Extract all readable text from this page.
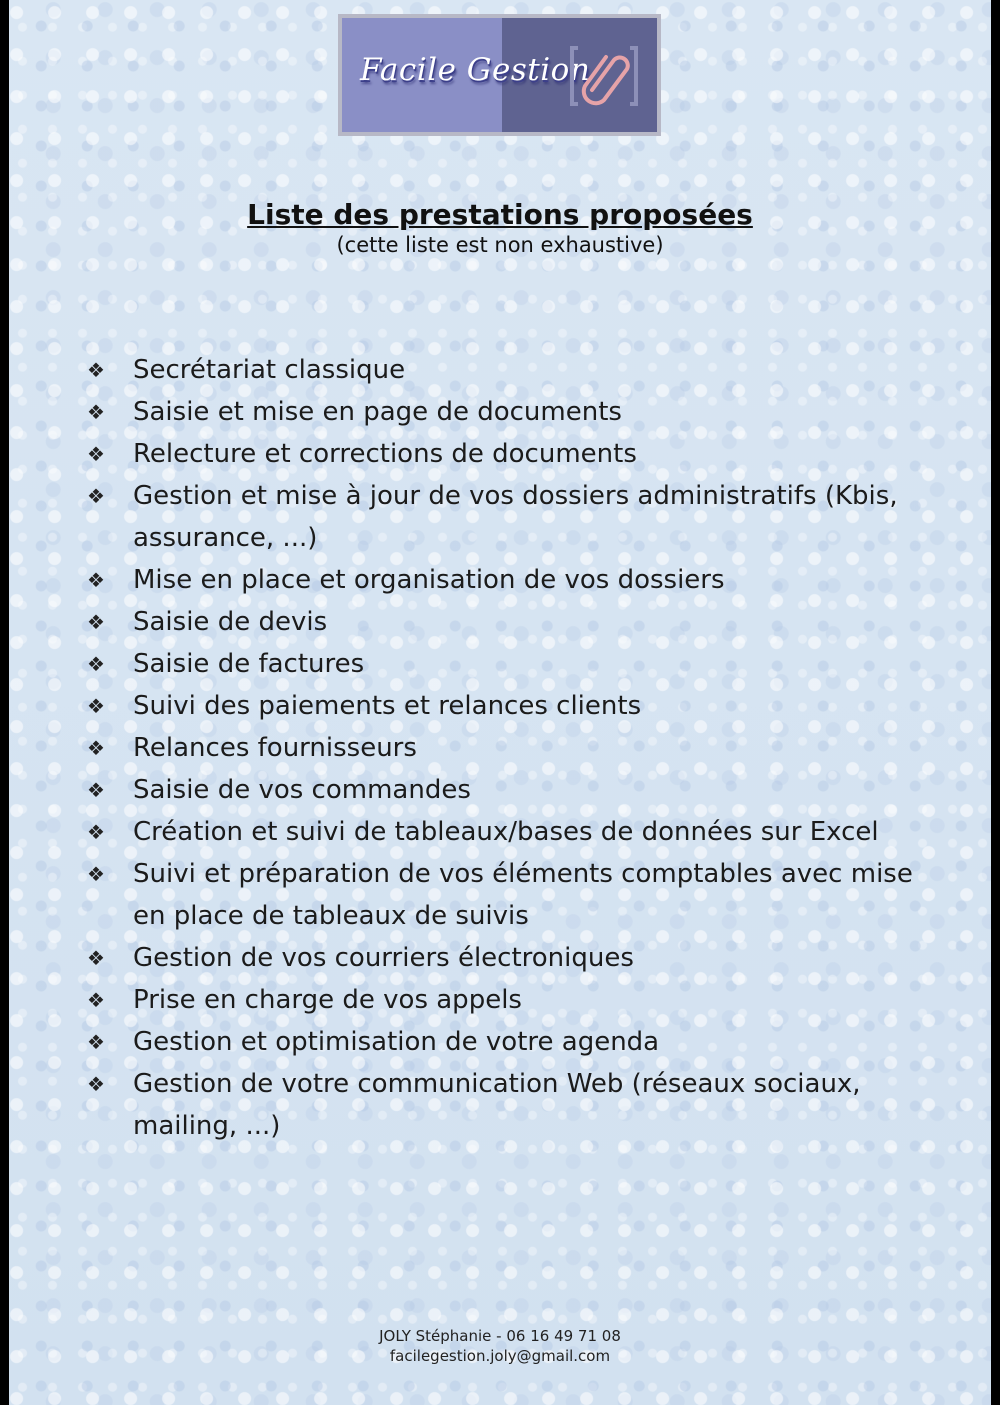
Facile Gestion
Liste des prestations proposées
(cette liste est non exhaustive)
❖ Secrétariat classique
❖ Saisie et mise en page de documents
❖ Relecture et corrections de documents
❖ Gestion et mise à jour de vos dossiers administratifs (Kbis, assurance, ...)
❖ Mise en place et organisation de vos dossiers
❖ Saisie de devis
❖ Saisie de factures
❖ Suivi des paiements et relances clients
❖ Relances fournisseurs
❖ Saisie de vos commandes
❖ Création et suivi de tableaux/bases de données sur Excel
❖ Suivi et préparation de vos éléments comptables avec mise en place de tableaux de suivis
❖ Gestion de vos courriers électroniques
❖ Prise en charge de vos appels
❖ Gestion et optimisation de votre agenda
❖ Gestion de votre communication Web (réseaux sociaux, mailing, ...)
JOLY Stéphanie - 06 16 49 71 08
facilegestion.joly@gmail.com
